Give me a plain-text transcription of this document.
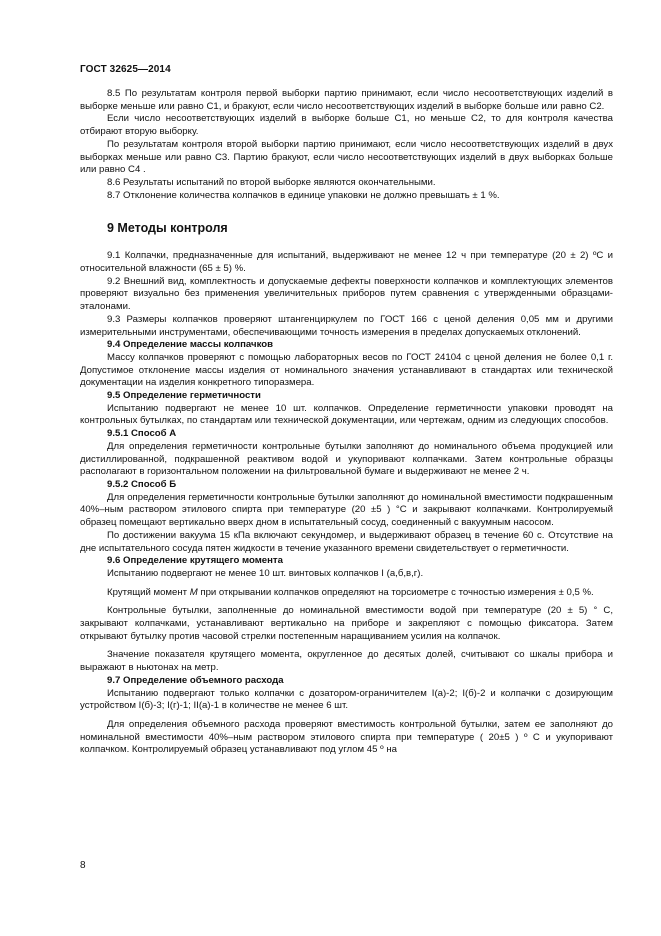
ГОСТ 32625—2014

8.5 По результатам контроля первой выборки партию принимают, если число несоответствующих изделий в выборке меньше или равно С1, и бракуют, если число несоответствующих изделий в выборке больше или равно С2.

Если число несоответствующих изделий в выборке больше С1, но меньше С2, то для контроля качества отбирают вторую выборку.

По результатам контроля второй выборки партию принимают, если число несоответствующих изделий в двух выборках меньше или равно С3. Партию бракуют, если число несоответствующих изделий в двух выборках больше или равно С4 .

8.6 Результаты испытаний по второй выборке являются окончательными.

8.7 Отклонение количества колпачков в единице упаковки не должно превышать ± 1 %.

9 Методы контроля

9.1 Колпачки, предназначенные для испытаний, выдерживают не менее 12 ч при температуре (20 ± 2) ºС и относительной влажности (65 ± 5) %.

9.2 Внешний вид, комплектность и допускаемые дефекты поверхности колпачков и комплектующих элементов проверяют визуально без применения увеличительных приборов путем сравнения с утвержденными образцами-эталонами.

9.3 Размеры колпачков проверяют штангенциркулем по ГОСТ 166 с ценой деления 0,05 мм и другими измерительными инструментами, обеспечивающими точность измерения в пределах допускаемых отклонений.

9.4 Определение массы колпачков

Массу колпачков проверяют с помощью лабораторных весов по ГОСТ 24104 с ценой деления не более 0,1 г. Допустимое отклонение массы изделия от номинального значения устанавливают в стандартах или технической документации на изделия конкретного типоразмера.

9.5 Определение герметичности

Испытанию подвергают не менее 10 шт. колпачков. Определение герметичности упаковки проводят на контрольных бутылках, по стандартам или технической документации, или чертежам, одним из следующих способов.

9.5.1 Способ А

Для определения герметичности контрольные бутылки заполняют до номинального объема продукцией или дистиллированной, подкрашенной реактивом водой и укупоривают колпачками. Затем контрольные образцы располагают в горизонтальном положении на фильтровальной бумаге и выдерживают не менее 2 ч.

9.5.2 Способ Б

Для определения герметичности контрольные бутылки заполняют до номинальной вместимости подкрашенным 40%–ным раствором этилового спирта при температуре (20 ±5 ) °С и закрывают колпачками. Контролируемый образец помещают вертикально вверх дном в испытательный сосуд, соединенный с вакуумным насосом.

По достижении вакуума 15 кПа включают секундомер, и выдерживают образец в течение 60 с. Отсутствие на дне испытательного сосуда пятен жидкости в течение указанного времени свидетельствует о герметичности.

9.6 Определение крутящего момента

Испытанию подвергают не менее 10 шт. винтовых колпачков I (а,б,в,г).

Крутящий момент М при открывании колпачков определяют на торсиометре с точностью измерения ± 0,5 %.

Контрольные бутылки, заполненные до номинальной вместимости водой при температуре (20 ± 5) ° С, закрывают колпачками, устанавливают вертикально на приборе и закрепляют с помощью фиксатора. Затем открывают бутылку против часовой стрелки постепенным наращиванием усилия на колпачок.

Значение показателя крутящего момента, округленное до десятых долей, считывают со шкалы прибора и выражают в ньютонах на метр.

9.7 Определение объемного расхода

Испытанию подвергают только колпачки с дозатором-ограничителем I(а)-2; I(б)-2 и колпачки с дозирующим устройством I(б)-3; I(г)-1; II(а)-1 в количестве не менее 6 шт.

Для определения объемного расхода проверяют вместимость контрольной бутылки, затем ее заполняют до номинальной вместимости 40%–ным раствором этилового спирта при температуре ( 20±5 ) º С и укупоривают колпачком. Контролируемый образец устанавливают под углом 45 º на

8
